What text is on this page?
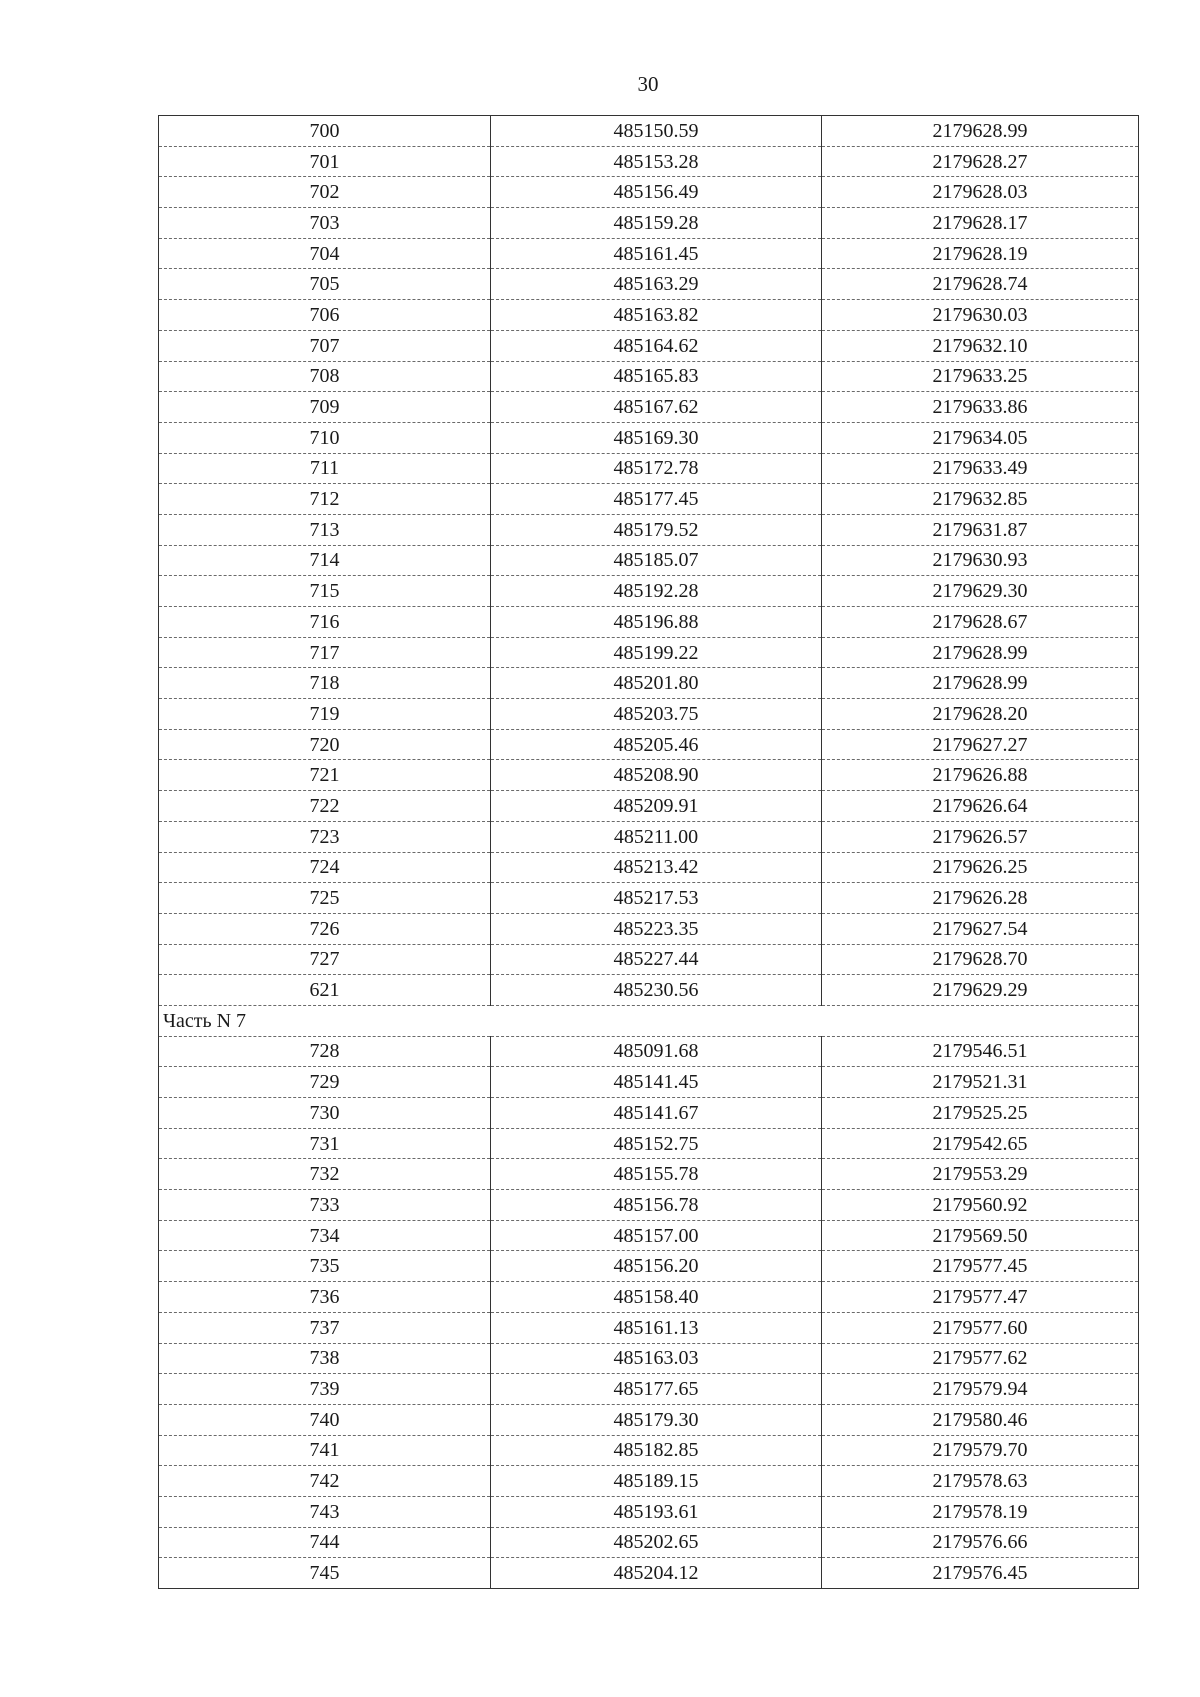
30
700	485150.59	2179628.99
701	485153.28	2179628.27
702	485156.49	2179628.03
703	485159.28	2179628.17
704	485161.45	2179628.19
705	485163.29	2179628.74
706	485163.82	2179630.03
707	485164.62	2179632.10
708	485165.83	2179633.25
709	485167.62	2179633.86
710	485169.30	2179634.05
711	485172.78	2179633.49
712	485177.45	2179632.85
713	485179.52	2179631.87
714	485185.07	2179630.93
715	485192.28	2179629.30
716	485196.88	2179628.67
717	485199.22	2179628.99
718	485201.80	2179628.99
719	485203.75	2179628.20
720	485205.46	2179627.27
721	485208.90	2179626.88
722	485209.91	2179626.64
723	485211.00	2179626.57
724	485213.42	2179626.25
725	485217.53	2179626.28
726	485223.35	2179627.54
727	485227.44	2179628.70
621	485230.56	2179629.29
Часть N 7		
728	485091.68	2179546.51
729	485141.45	2179521.31
730	485141.67	2179525.25
731	485152.75	2179542.65
732	485155.78	2179553.29
733	485156.78	2179560.92
734	485157.00	2179569.50
735	485156.20	2179577.45
736	485158.40	2179577.47
737	485161.13	2179577.60
738	485163.03	2179577.62
739	485177.65	2179579.94
740	485179.30	2179580.46
741	485182.85	2179579.70
742	485189.15	2179578.63
743	485193.61	2179578.19
744	485202.65	2179576.66
745	485204.12	2179576.45
